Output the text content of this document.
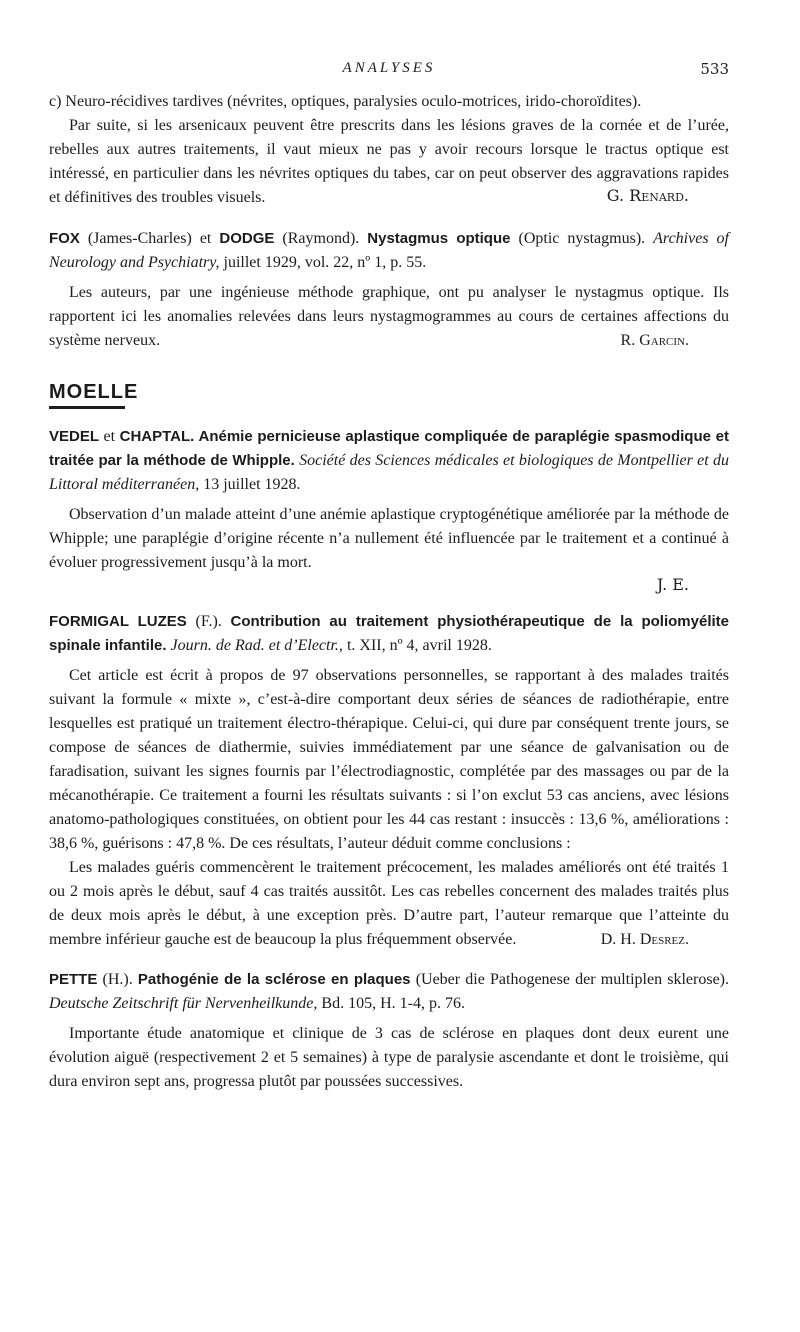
ANALYSES	533

c) Neuro-récidives tardives (névrites, optiques, paralysies oculo-motrices, irido-choroïdites).

Par suite, si les arsenicaux peuvent être prescrits dans les lésions graves de la cornée et de l’urée, rebelles aux autres traitements, il vaut mieux ne pas y avoir recours lorsque le tractus optique est intéressé, en particulier dans les névrites optiques du tabes, car on peut observer des aggravations rapides et définitives des troubles visuels.	G. Renard.
FOX (James-Charles) et DODGE (Raymond). Nystagmus optique (Optic nystagmus). Archives of Neurology and Psychiatry, juillet 1929, vol. 22, nº 1, p. 55.

Les auteurs, par une ingénieuse méthode graphique, ont pu analyser le nystagmus optique. Ils rapportent ici les anomalies relevées dans leurs nystagmogrammes au cours de certaines affections du système nerveux.	R. Garcin.

MOELLE
VEDEL et CHAPTAL. Anémie pernicieuse aplastique compliquée de paraplégie spasmodique et traitée par la méthode de Whipple. Société des Sciences médicales et biologiques de Montpellier et du Littoral méditerranéen, 13 juillet 1928.

Observation d’un malade atteint d’une anémie aplastique cryptogénétique améliorée par la méthode de Whipple; une paraplégie d’origine récente n’a nullement été influencée par le traitement et a continué à évoluer progressivement jusqu’à la mort.

J. E.
FORMIGAL LUZES (F.). Contribution au traitement physiothérapeutique de la poliomyélite spinale infantile. Journ. de Rad. et d’Electr., t. XII, nº 4, avril 1928.

Cet article est écrit à propos de 97 observations personnelles, se rapportant à des malades traités suivant la formule « mixte », c’est-à-dire comportant deux séries de séances de radiothérapie, entre lesquelles est pratiqué un traitement électro-thérapique. Celui-ci, qui dure par conséquent trente jours, se compose de séances de diathermie, suivies immédiatement par une séance de galvanisation ou de faradisation, suivant les signes fournis par l’électrodiagnostic, complétée par des massages ou par de la mécanothérapie. Ce traitement a fourni les résultats suivants : si l’on exclut 53 cas anciens, avec lésions anatomo-pathologiques constituées, on obtient pour les 44 cas restant : insuccès : 13,6 %, améliorations : 38,6 %, guérisons : 47,8 %. De ces résultats, l’auteur déduit comme conclusions :

Les malades guéris commencèrent le traitement précocement, les malades améliorés ont été traités 1 ou 2 mois après le début, sauf 4 cas traités aussitôt. Les cas rebelles concernent des malades traités plus de deux mois après le début, à une exception près. D’autre part, l’auteur remarque que l’atteinte du membre inférieur gauche est de beaucoup la plus fréquemment observée.	D. H. Desrez.

PETTE (H.). Pathogénie de la sclérose en plaques (Ueber die Pathogenese der multiplen sklerose). Deutsche Zeitschrift für Nervenheilkunde, Bd. 105, H. 1-4, p. 76.

Importante étude anatomique et clinique de 3 cas de sclérose en plaques dont deux eurent une évolution aiguë (respectivement 2 et 5 semaines) à type de paralysie ascendante et dont le troisième, qui dura environ sept ans, progressa plutôt par poussées successives.
